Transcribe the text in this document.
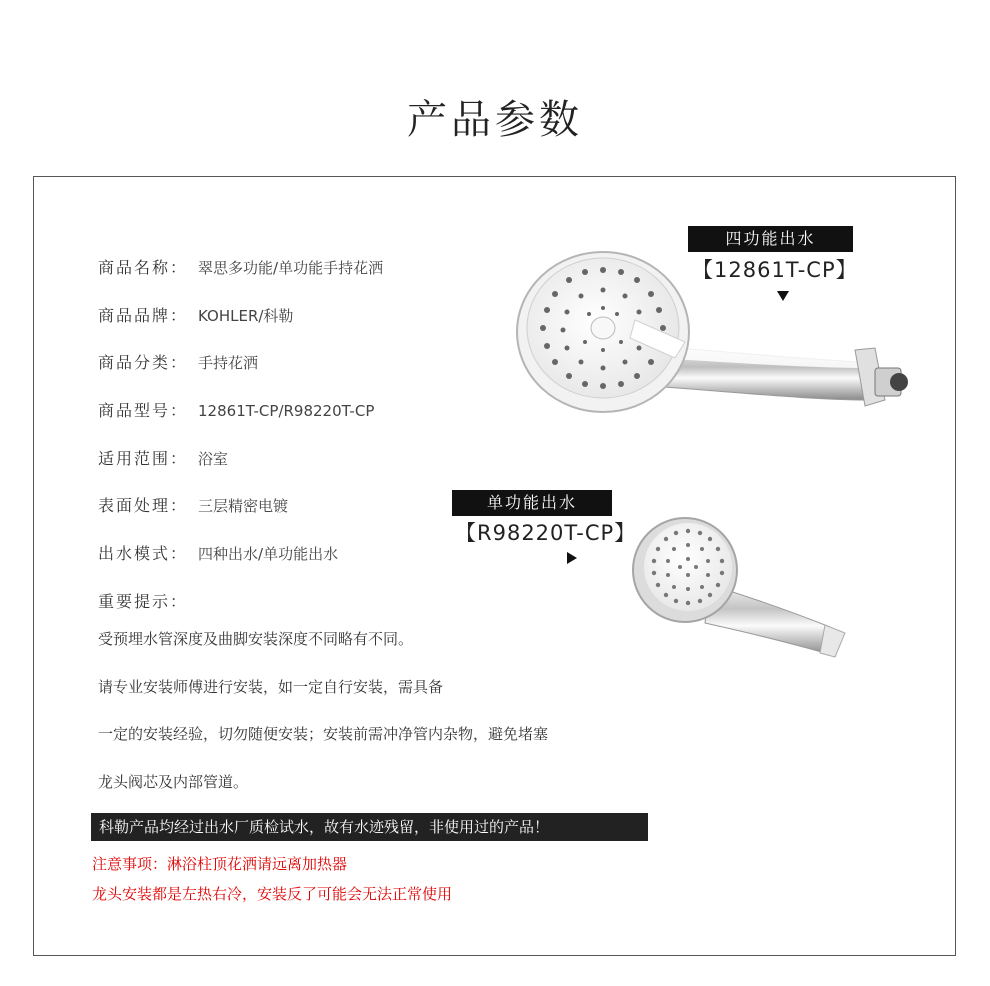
产品参数
商品名称： 翠思多功能/单功能手持花洒
商品品牌： KOHLER/科勒
商品分类： 手持花洒
商品型号： 12861T-CP/R98220T-CP
适用范围： 浴室
表面处理： 三层精密电镀
出水模式： 四种出水/单功能出水
重要提示：
受预埋水管深度及曲脚安装深度不同略有不同。
请专业安装师傅进行安装，如一定自行安装，需具备
一定的安装经验，切勿随便安装；安装前需冲净管内杂物，避免堵塞
龙头阀芯及内部管道。
科勒产品均经过出水厂质检试水，故有水迹残留，非使用过的产品！
注意事项：淋浴柱顶花洒请远离加热器
龙头安装都是左热右冷，安装反了可能会无法正常使用
四功能出水
【12861T-CP】
单功能出水
【R98220T-CP】
